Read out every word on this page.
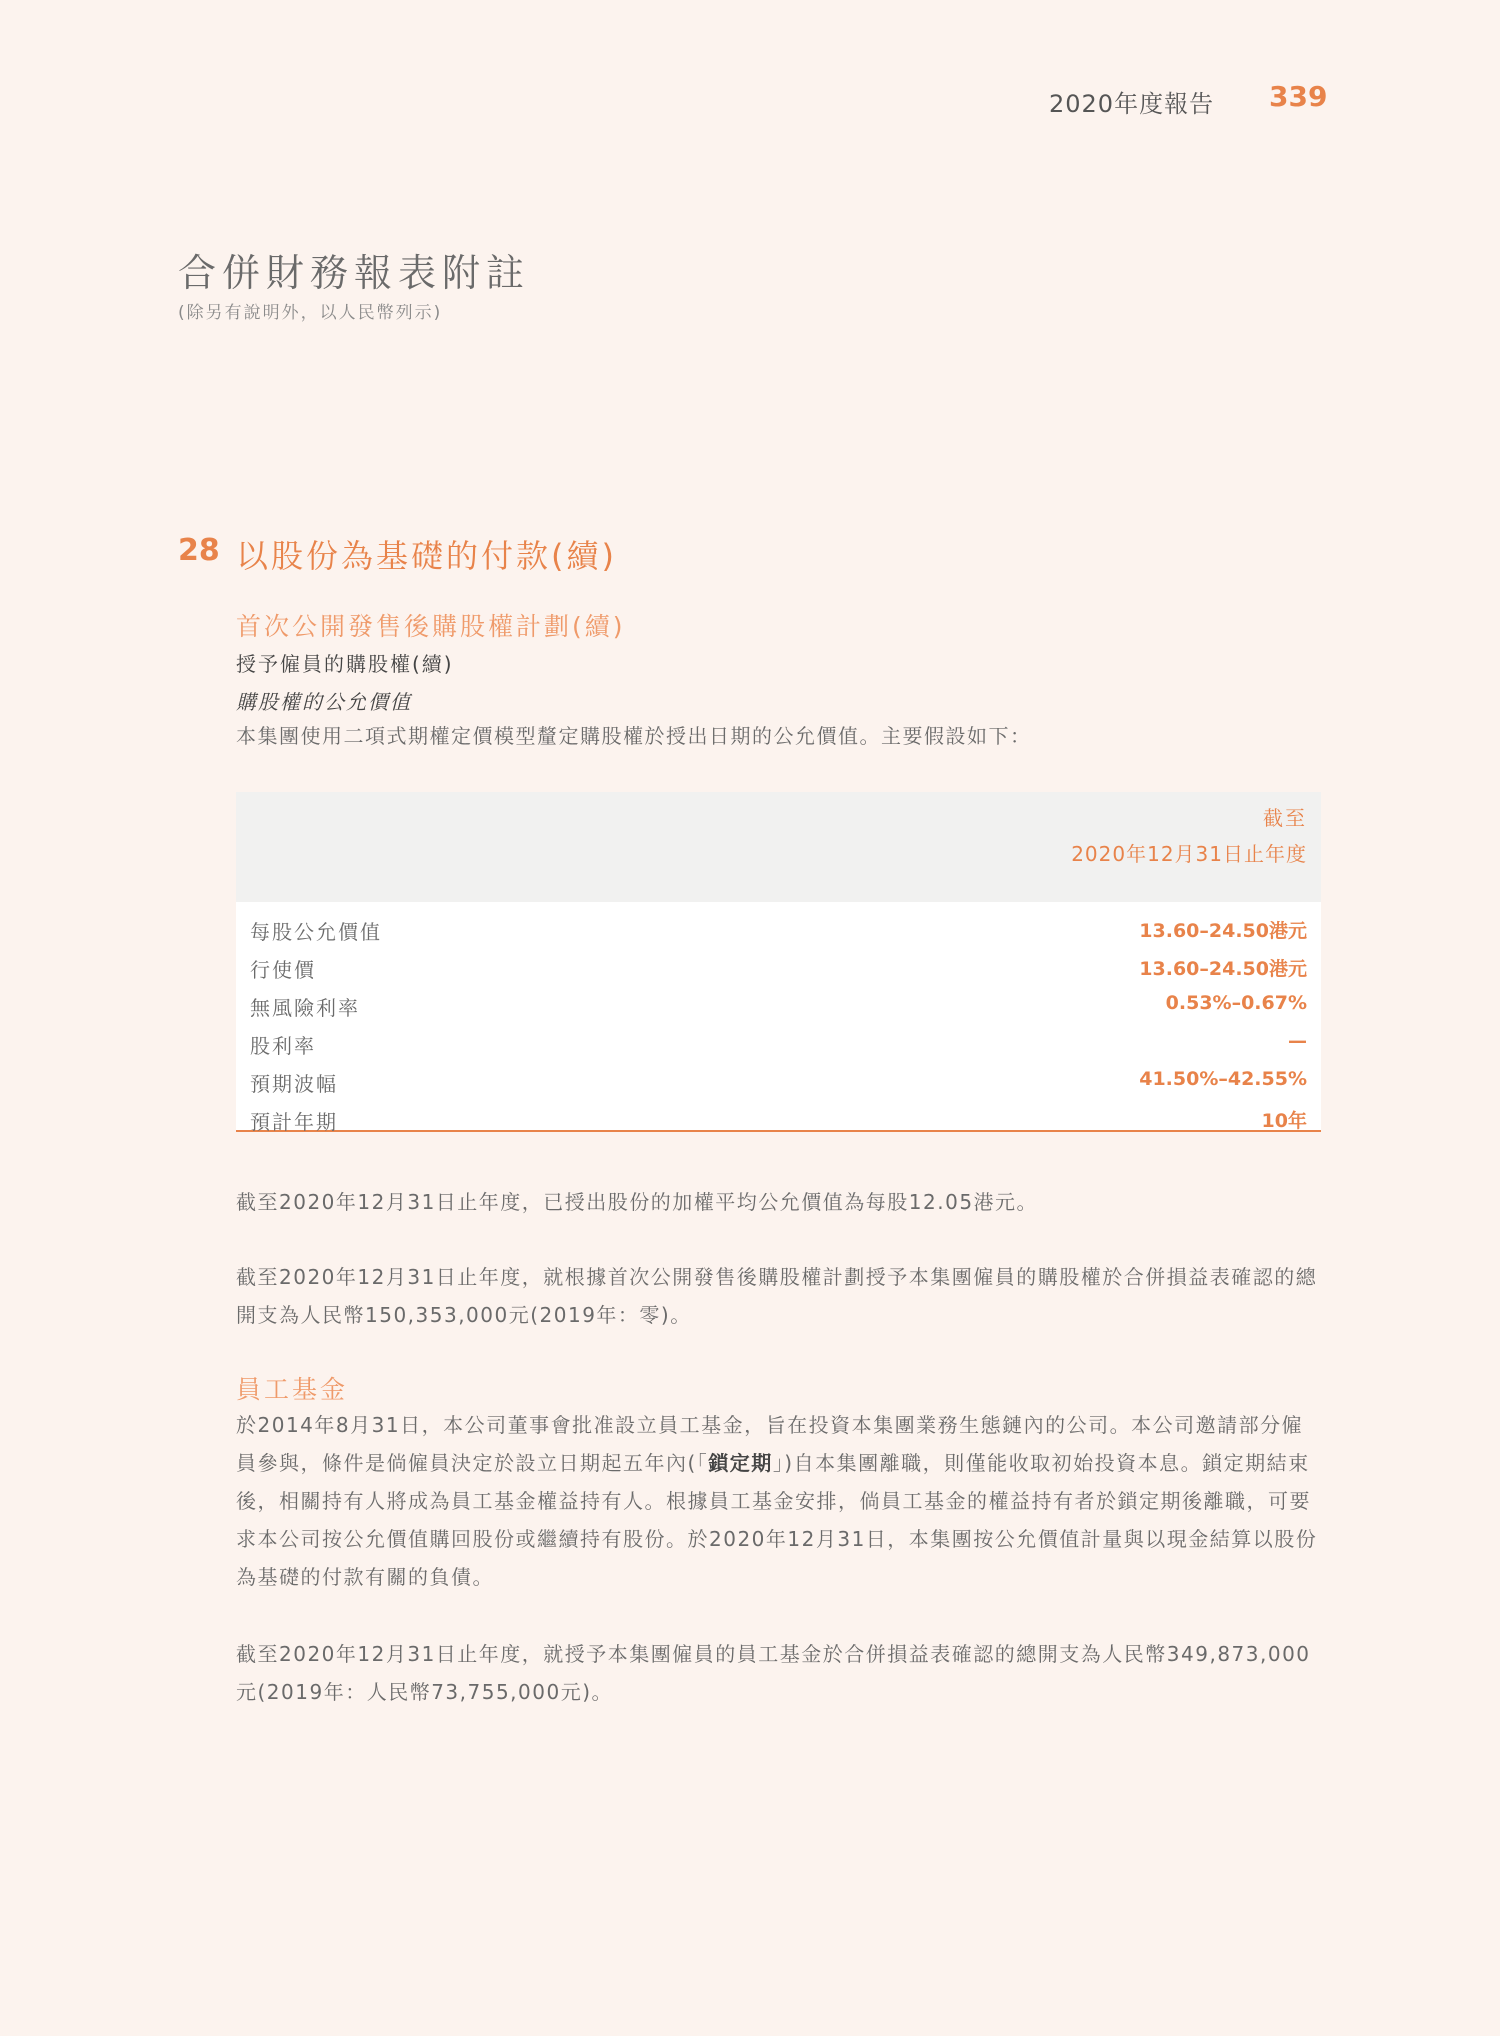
2020年度報告 339
合併財務報表附註
(除另有說明外，以人民幣列示)
28 以股份為基礎的付款(續)
首次公開發售後購股權計劃(續)
授予僱員的購股權(續)
購股權的公允價值
本集團使用二項式期權定價模型釐定購股權於授出日期的公允價值。主要假設如下：
截至
2020年12月31日止年度
每股公允價值	13.60–24.50港元
行使價	13.60–24.50港元
無風險利率	0.53%–0.67%
股利率	—
預期波幅	41.50%–42.55%
預計年期	10年
截至2020年12月31日止年度，已授出股份的加權平均公允價值為每股12.05港元。
截至2020年12月31日止年度，就根據首次公開發售後購股權計劃授予本集團僱員的購股權於合併損益表確認的總開支為人民幣150,353,000元(2019年：零)。
員工基金
於2014年8月31日，本公司董事會批准設立員工基金，旨在投資本集團業務生態鏈內的公司。本公司邀請部分僱員參與，條件是倘僱員決定於設立日期起五年內(「鎖定期」)自本集團離職，則僅能收取初始投資本息。鎖定期結束後，相關持有人將成為員工基金權益持有人。根據員工基金安排，倘員工基金的權益持有者於鎖定期後離職，可要求本公司按公允價值購回股份或繼續持有股份。於2020年12月31日，本集團按公允價值計量與以現金結算以股份為基礎的付款有關的負債。
截至2020年12月31日止年度，就授予本集團僱員的員工基金於合併損益表確認的總開支為人民幣349,873,000元(2019年：人民幣73,755,000元)。
